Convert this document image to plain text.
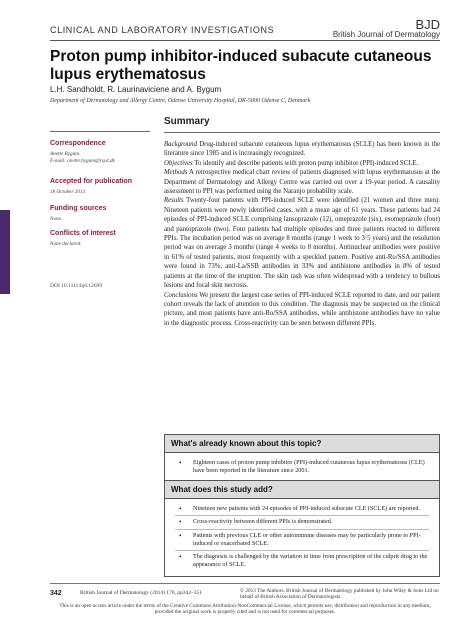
CLINICAL AND LABORATORY INVESTIGATIONS	BJD
British Journal of Dermatology
Proton pump inhibitor-induced subacute cutaneous lupus erythematosus
L.H. Sandholdt, R. Laurinaviciene and A. Bygum
Department of Dermatology and Allergy Centre, Odense University Hospital, DK-5000 Odense C, Denmark
Summary
Correspondence
Anette Bygum.
E-mail: anette.bygum@rsyd.dk
Accepted for publication
18 October 2013
Funding sources
None.
Conflicts of interest
None declared.
DOI 10.1111/bjd.12699

Background Drug-induced subacute cutaneous lupus erythematosus (SCLE) has been known in the literature since 1985 and is increasingly recognized.

Objectives To identify and describe patients with proton pump inhibitor (PPI)-induced SCLE.

Methods A retrospective medical chart review of patients diagnosed with lupus erythematosus at the Department of Dermatology and Allergy Centre was carried out over a 19-year period. A causality assessment to PPI was performed using the Naranjo probability scale.

Results Twenty-four patients with PPI-induced SCLE were identified (21 women and three men). Nineteen patients were newly identified cases, with a mean age of 61 years. These patients had 24 episodes of PPI-induced SCLE comprising lansoprazole (12), omeprazole (six), esomeprazole (four) and pantoprazole (two). Four patients had multiple episodes and three patients reacted to different PPIs. The incubation period was on average 8 months (range 1 week to 3·5 years) and the resolution period was on average 3 months (range 4 weeks to 8 months). Antinuclear antibodies were positive in 61% of tested patients, most frequently with a speckled pattern. Positive anti-Ro/SSA antibodies were found in 73%, anti-La/SSB antibodies in 33% and antihistone antibodies in 8% of tested patients at the time of the eruption. The skin rash was often widespread with a tendency to bullous lesions and focal skin necrosis.

Conclusions We present the largest case series of PPI-induced SCLE reported to date, and our patient cohort reveals the lack of attention to this condition. The diagnosis may be suspected on the clinical picture, and most patients have anti-Ro/SSA antibodies, while antihistone antibodies have no value in the diagnostic process. Cross-reactivity can be seen between different PPIs.

What's already known about this topic?
• Eighteen cases of proton pump inhibitor (PPI)-induced cutaneous lupus erythematosus (CLE) have been reported in the literature since 2001.
What does this study add?
• Nineteen new patients with 24 episodes of PPI-induced subacute CLE (SCLE) are reported.
• Cross-reactivity between different PPIs is demonstrated.
• Patients with previous CLE or other autoimmune diseases may be particularly prone to PPI-induced or exacerbated SCLE.
• The diagnosis is challenged by the variation in time from prescription of the culprit drug to the appearance of SCLE.
342	British Journal of Dermatology (2014) 170, pp342–351	© 2013 The Authors. British Journal of Dermatology published by John Wiley & Sons Ltd on behalf of British Association of Dermatologists.
This is an open access article under the terms of the Creative Commons Attribution-NonCommercial License, which permits use, distribution and reproduction in any medium, provided the original work is properly cited and is not used for commercial purposes.
